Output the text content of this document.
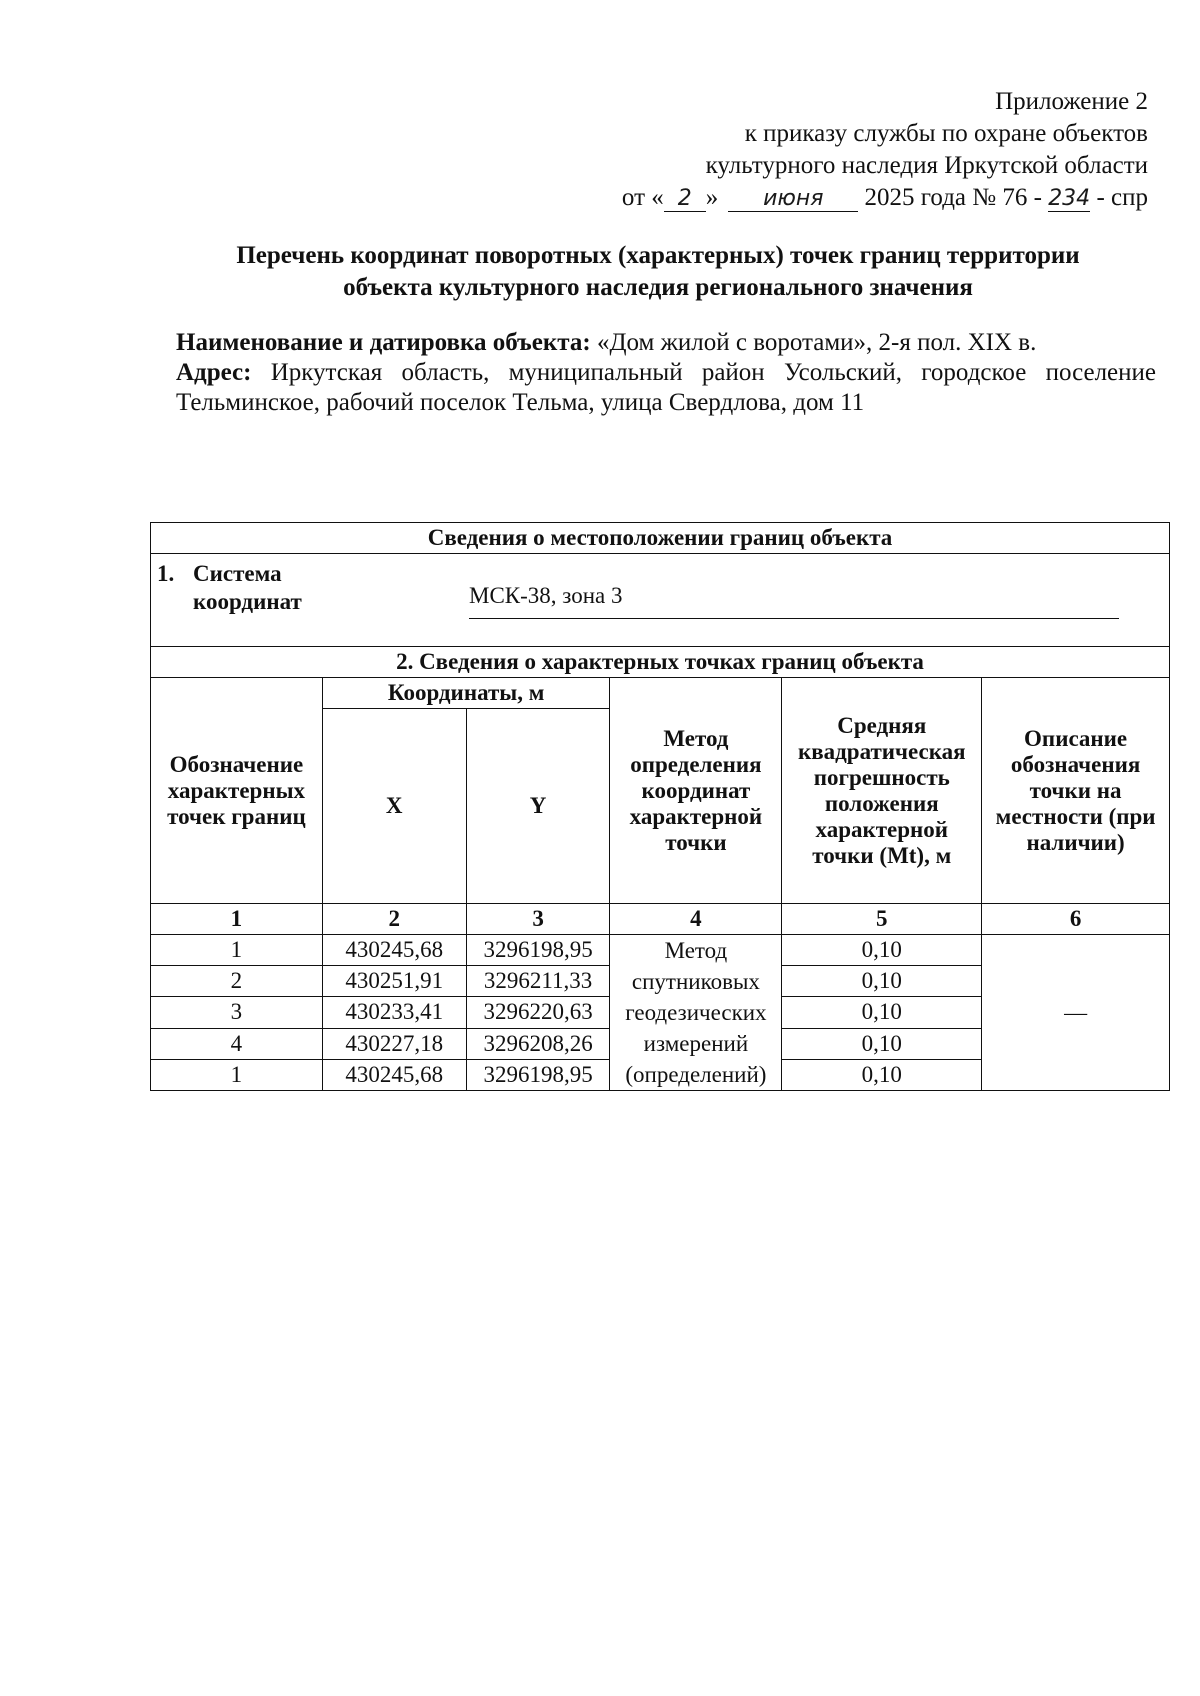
Приложение 2
к приказу службы по охране объектов
культурного наследия Иркутской области
от « 2 » июня 2025 года № 76 - 234 - спр
Перечень координат поворотных (характерных) точек границ территории
объекта культурного наследия регионального значения
Наименование и датировка объекта: «Дом жилой с воротами», 2-я пол. XIX в.
Адрес: Иркутская область, муниципальный район Усольский, городское поселение Тельминское, рабочий поселок Тельма, улица Свердлова, дом 11
Сведения о местоположении границ объекта					

1. Система
координат МСК-38, зона 3					

2. Сведения о характерных точках границ объекта					
Обозначение характерных точек границ	Координаты, м		Метод определения координат характерной точки	Средняя квадратическая погрешность положения характерной точки (Mt), м	Описание обозначения точки на местности (при наличии)
	X	Y			
1	2	3	4	5	6
1	430245,68	3296198,95	Метод спутниковых геодезических измерений (определений)	0,10	—
2	430251,91	3296211,33		0,10	
3	430233,41	3296220,63		0,10	
4	430227,18	3296208,26		0,10	
1	430245,68	3296198,95		0,10	
